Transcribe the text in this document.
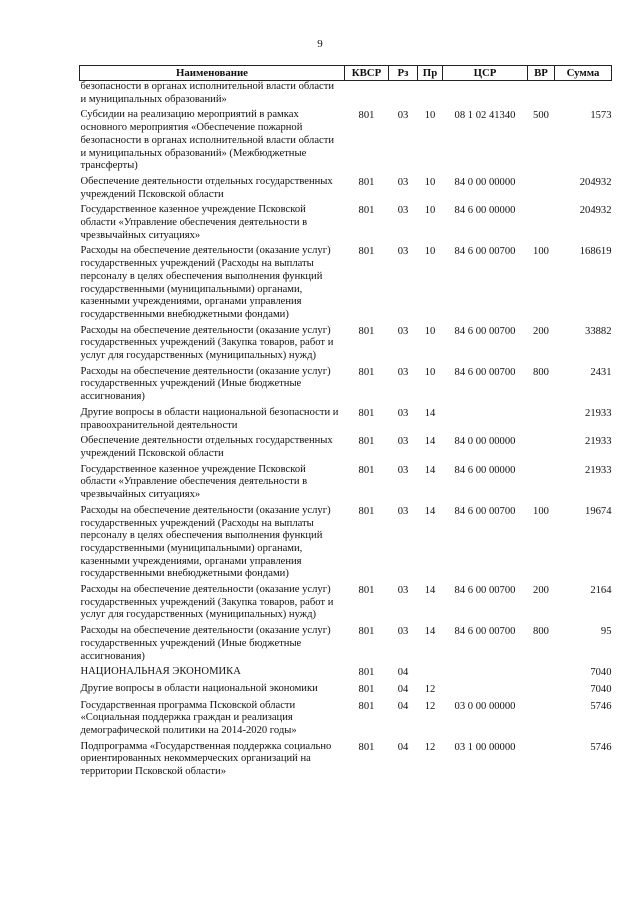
9
Наименование	КВСР	Рз	Пр	ЦСР	ВР	Сумма
безопасности в органах исполнительной власти области и муниципальных образований»						
Субсидии на реализацию мероприятий в рамках основного мероприятия «Обеспечение пожарной безопасности в органах исполнительной власти области и муниципальных образований» (Межбюджетные трансферты)	801	03	10	08 1 02 41340	500	1573
Обеспечение деятельности отдельных государственных учреждений Псковской области	801	03	10	84 0 00 00000		204932
Государственное казенное учреждение Псковской области «Управление обеспечения деятельности в чрезвычайных ситуациях»	801	03	10	84 6 00 00000		204932
Расходы на обеспечение деятельности (оказание услуг) государственных учреждений (Расходы на выплаты персоналу в целях обеспечения выполнения функций государственными (муниципальными) органами, казенными учреждениями, органами управления государственными внебюджетными фондами)	801	03	10	84 6 00 00700	100	168619
Расходы на обеспечение деятельности (оказание услуг) государственных учреждений (Закупка товаров, работ и услуг для государственных (муниципальных) нужд)	801	03	10	84 6 00 00700	200	33882
Расходы на обеспечение деятельности (оказание услуг) государственных учреждений (Иные бюджетные ассигнования)	801	03	10	84 6 00 00700	800	2431
Другие вопросы в области национальной безопасности и правоохранительной деятельности	801	03	14			21933
Обеспечение деятельности отдельных государственных учреждений Псковской области	801	03	14	84 0 00 00000		21933
Государственное казенное учреждение Псковской области «Управление обеспечения деятельности в чрезвычайных ситуациях»	801	03	14	84 6 00 00000		21933
Расходы на обеспечение деятельности (оказание услуг) государственных учреждений (Расходы на выплаты персоналу в целях обеспечения выполнения функций государственными (муниципальными) органами, казенными учреждениями, органами управления государственными внебюджетными фондами)	801	03	14	84 6 00 00700	100	19674
Расходы на обеспечение деятельности (оказание услуг) государственных учреждений (Закупка товаров, работ и услуг для государственных (муниципальных) нужд)	801	03	14	84 6 00 00700	200	2164
Расходы на обеспечение деятельности (оказание услуг) государственных учреждений (Иные бюджетные ассигнования)	801	03	14	84 6 00 00700	800	95
НАЦИОНАЛЬНАЯ ЭКОНОМИКА	801	04				7040
Другие вопросы в области национальной экономики	801	04	12			7040
Государственная программа Псковской области «Социальная поддержка граждан и реализация демографической политики на 2014-2020 годы»	801	04	12	03 0 00 00000		5746
Подпрограмма «Государственная поддержка социально ориентированных некоммерческих организаций на территории Псковской области»	801	04	12	03 1 00 00000		5746
